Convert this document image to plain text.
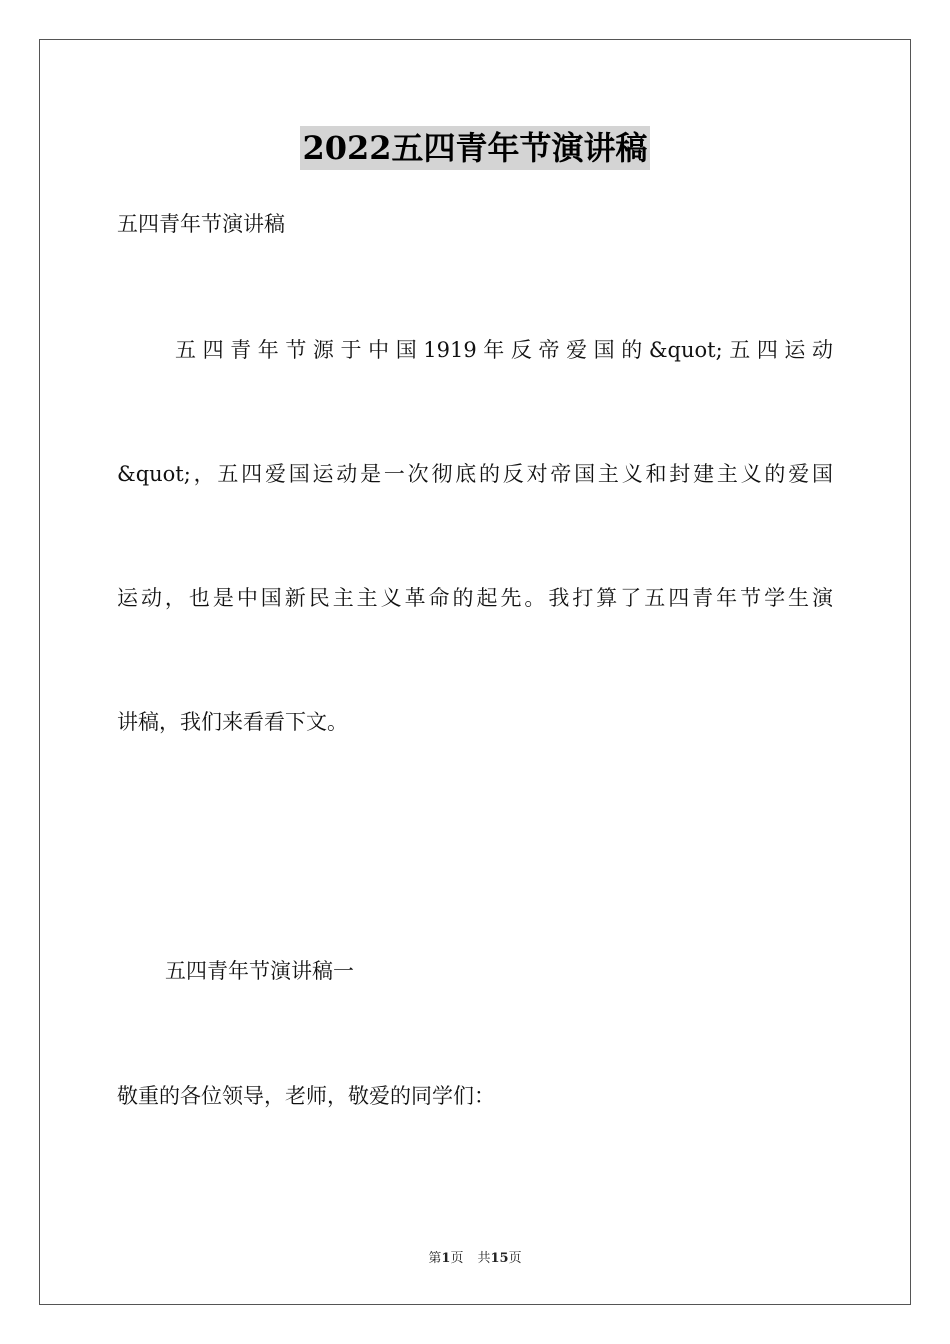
2022五四青年节演讲稿
五四青年节演讲稿
五四青年节源于中国1919年反帝爱国的&quot;五四运动
&quot;，五四爱国运动是一次彻底的反对帝国主义和封建主义的爱国
运动，也是中国新民主主义革命的起先。我打算了五四青年节学生演
讲稿，我们来看看下文。
五四青年节演讲稿一
敬重的各位领导，老师，敬爱的同学们：
第1页 共15页
